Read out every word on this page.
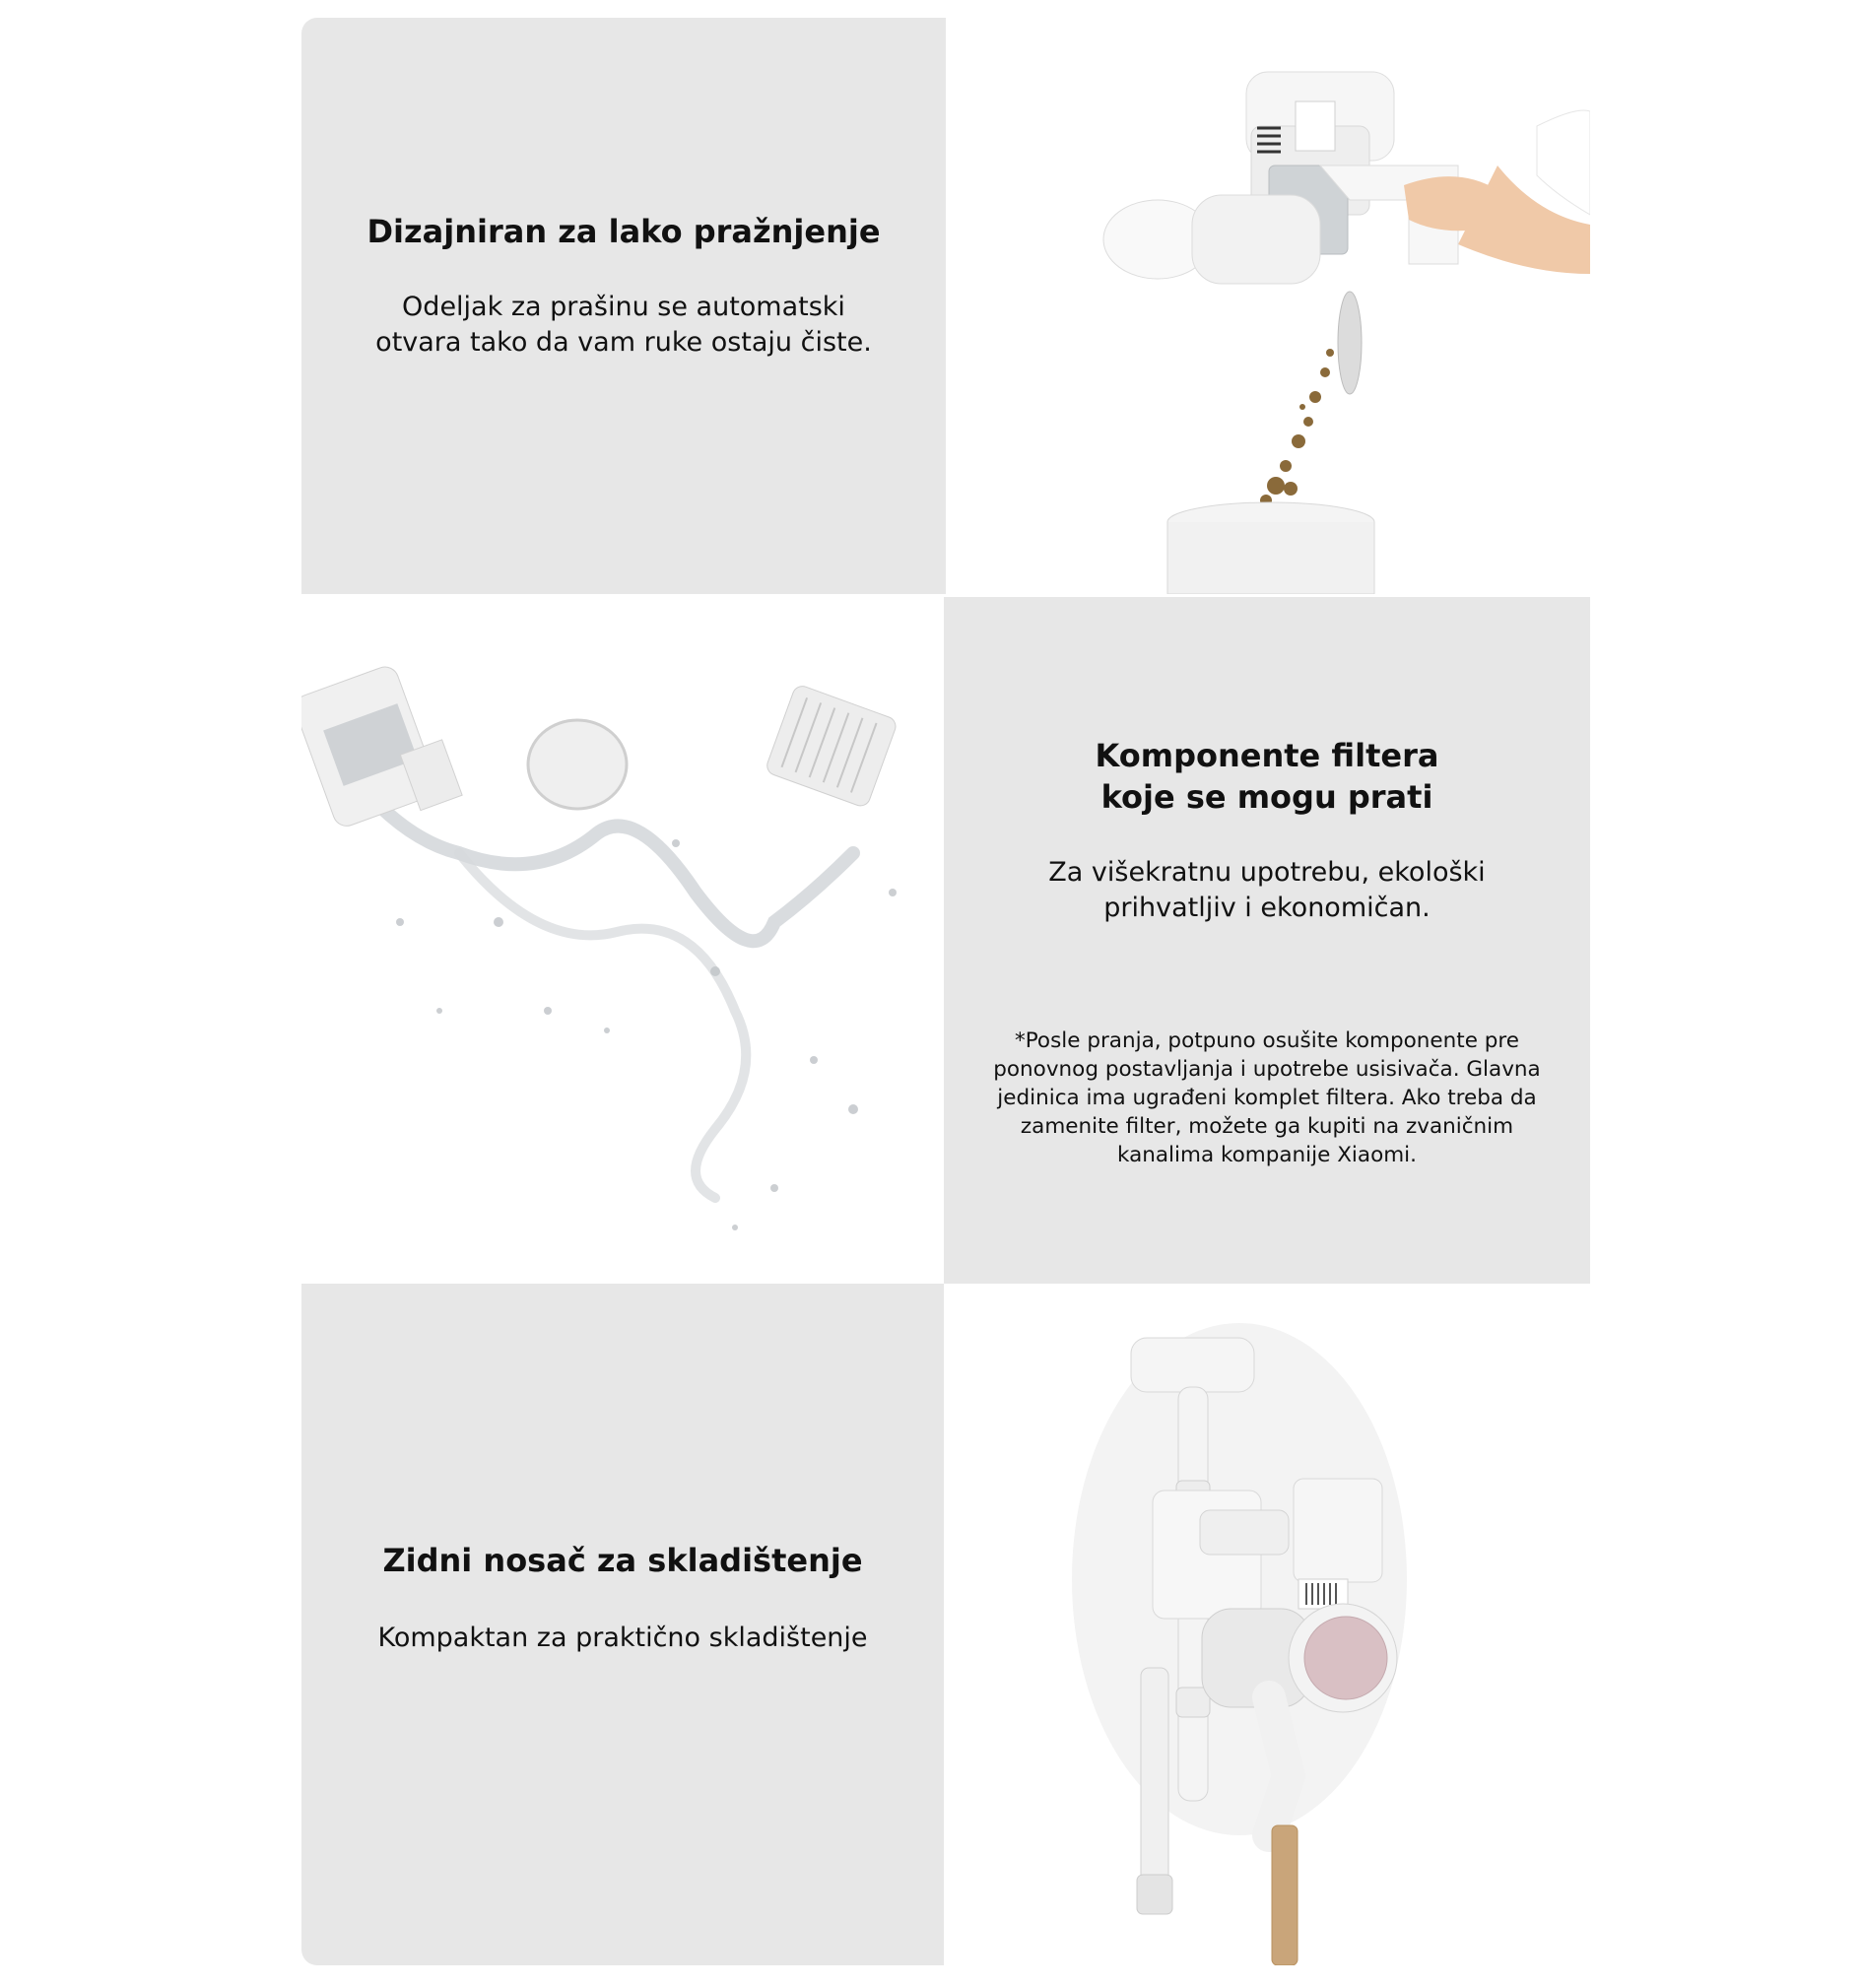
Dizajniran za lako pražnjenje

Odeljak za prašinu se automatski otvara tako da vam ruke ostaju čiste.

Komponente filtera koje se mogu prati

Za višekratnu upotrebu, ekološki prihvatljiv i ekonomičan.

*Posle pranja, potpuno osušite komponente pre ponovnog postavljanja i upotrebe usisivača. Glavna jedinica ima ugrađeni komplet filtera. Ako treba da zamenite filter, možete ga kupiti na zvaničnim kanalima kompanije Xiaomi.

Zidni nosač za skladištenje

Kompaktan za praktično skladištenje
